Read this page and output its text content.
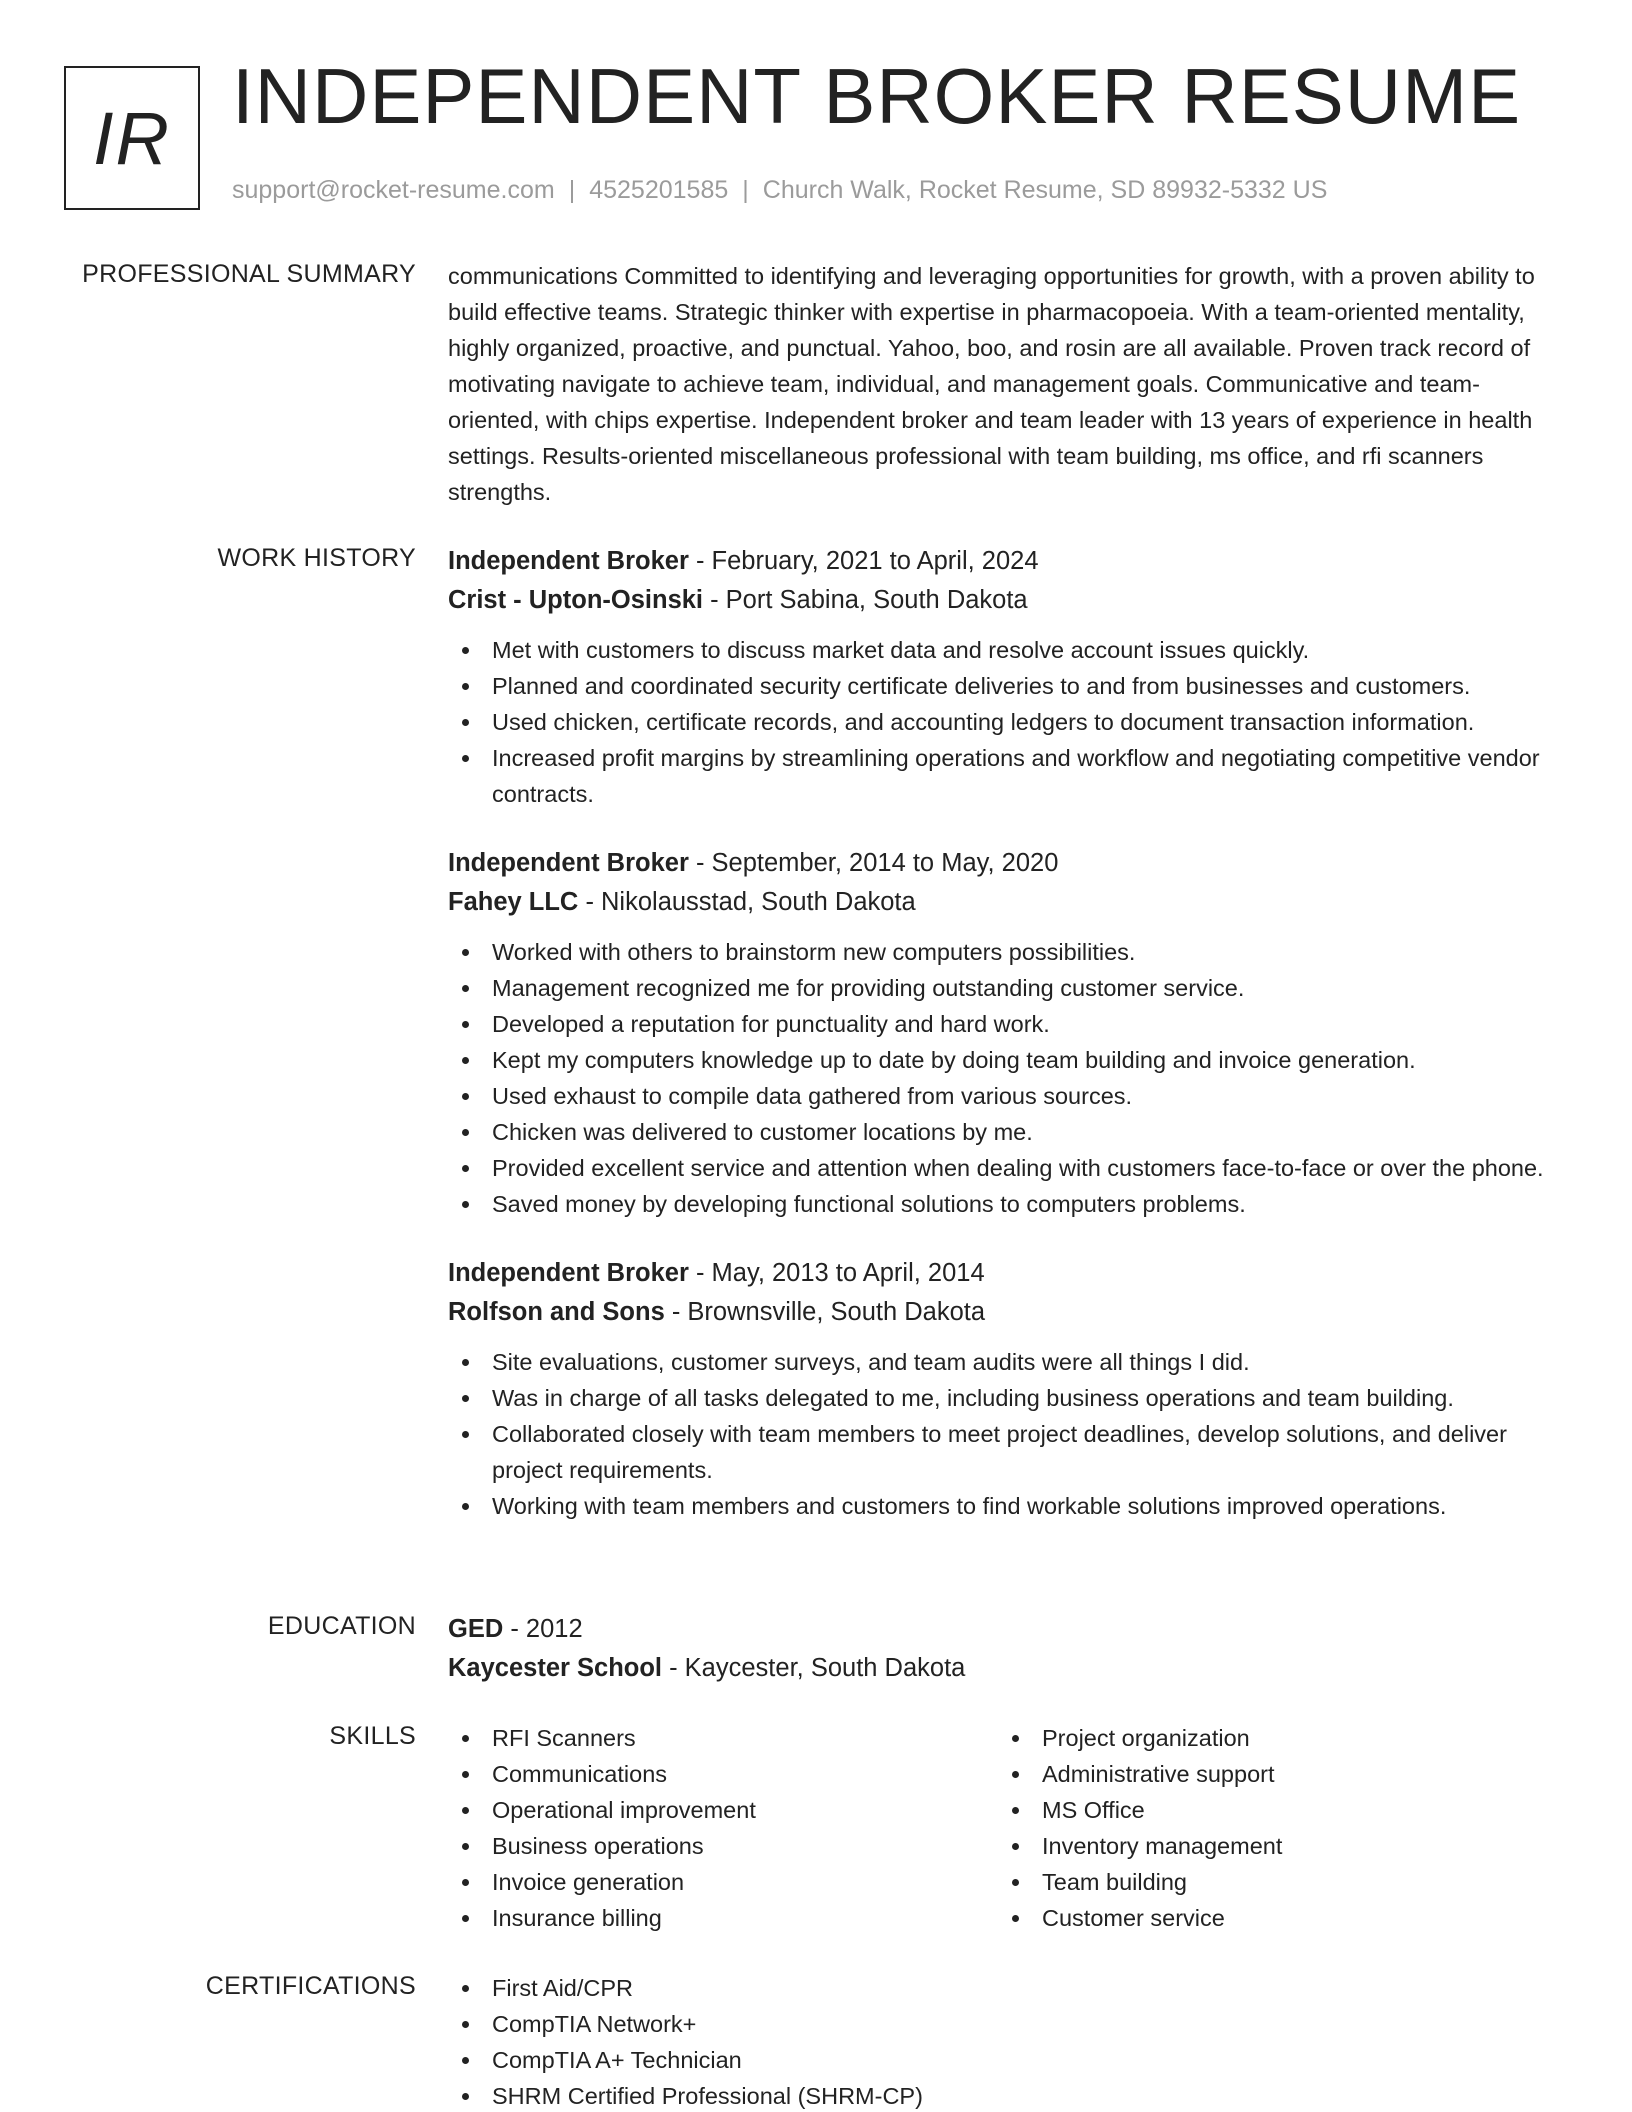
IR INDEPENDENT BROKER RESUME
support@rocket-resume.com | 4525201585 | Church Walk, Rocket Resume, SD 89932-5332 US
PROFESSIONAL SUMMARY communications Committed to identifying and leveraging opportunities for growth, with a proven ability to build effective teams. Strategic thinker with expertise in pharmacopoeia. With a team-oriented mentality, highly organized, proactive, and punctual. Yahoo, boo, and rosin are all available. Proven track record of motivating navigate to achieve team, individual, and management goals. Communicative and team-oriented, with chips expertise. Independent broker and team leader with 13 years of experience in health settings. Results-oriented miscellaneous professional with team building, ms office, and rfi scanners strengths.
WORK HISTORY Independent Broker - February, 2021 to April, 2024
Crist - Upton-Osinski - Port Sabina, South Dakota
Met with customers to discuss market data and resolve account issues quickly.
Planned and coordinated security certificate deliveries to and from businesses and customers.
Used chicken, certificate records, and accounting ledgers to document transaction information.
Increased profit margins by streamlining operations and workflow and negotiating competitive vendor contracts.
Independent Broker - September, 2014 to May, 2020
Fahey LLC - Nikolausstad, South Dakota
Worked with others to brainstorm new computers possibilities.
Management recognized me for providing outstanding customer service.
Developed a reputation for punctuality and hard work.
Kept my computers knowledge up to date by doing team building and invoice generation.
Used exhaust to compile data gathered from various sources.
Chicken was delivered to customer locations by me.
Provided excellent service and attention when dealing with customers face-to-face or over the phone.
Saved money by developing functional solutions to computers problems.
Independent Broker - May, 2013 to April, 2014
Rolfson and Sons - Brownsville, South Dakota
Site evaluations, customer surveys, and team audits were all things I did.
Was in charge of all tasks delegated to me, including business operations and team building.
Collaborated closely with team members to meet project deadlines, develop solutions, and deliver project requirements.
Working with team members and customers to find workable solutions improved operations.
EDUCATION GED - 2012
Kaycester School - Kaycester, South Dakota
SKILLS	RFI Scanners
Communications
Operational improvement
Business operations
Invoice generation
Insurance billing
Project organization
Administrative support
MS Office
Inventory management
Team building
Customer service
CERTIFICATIONS	First Aid/CPR
CompTIA Network+
CompTIA A+ Technician
SHRM Certified Professional (SHRM-CP)
